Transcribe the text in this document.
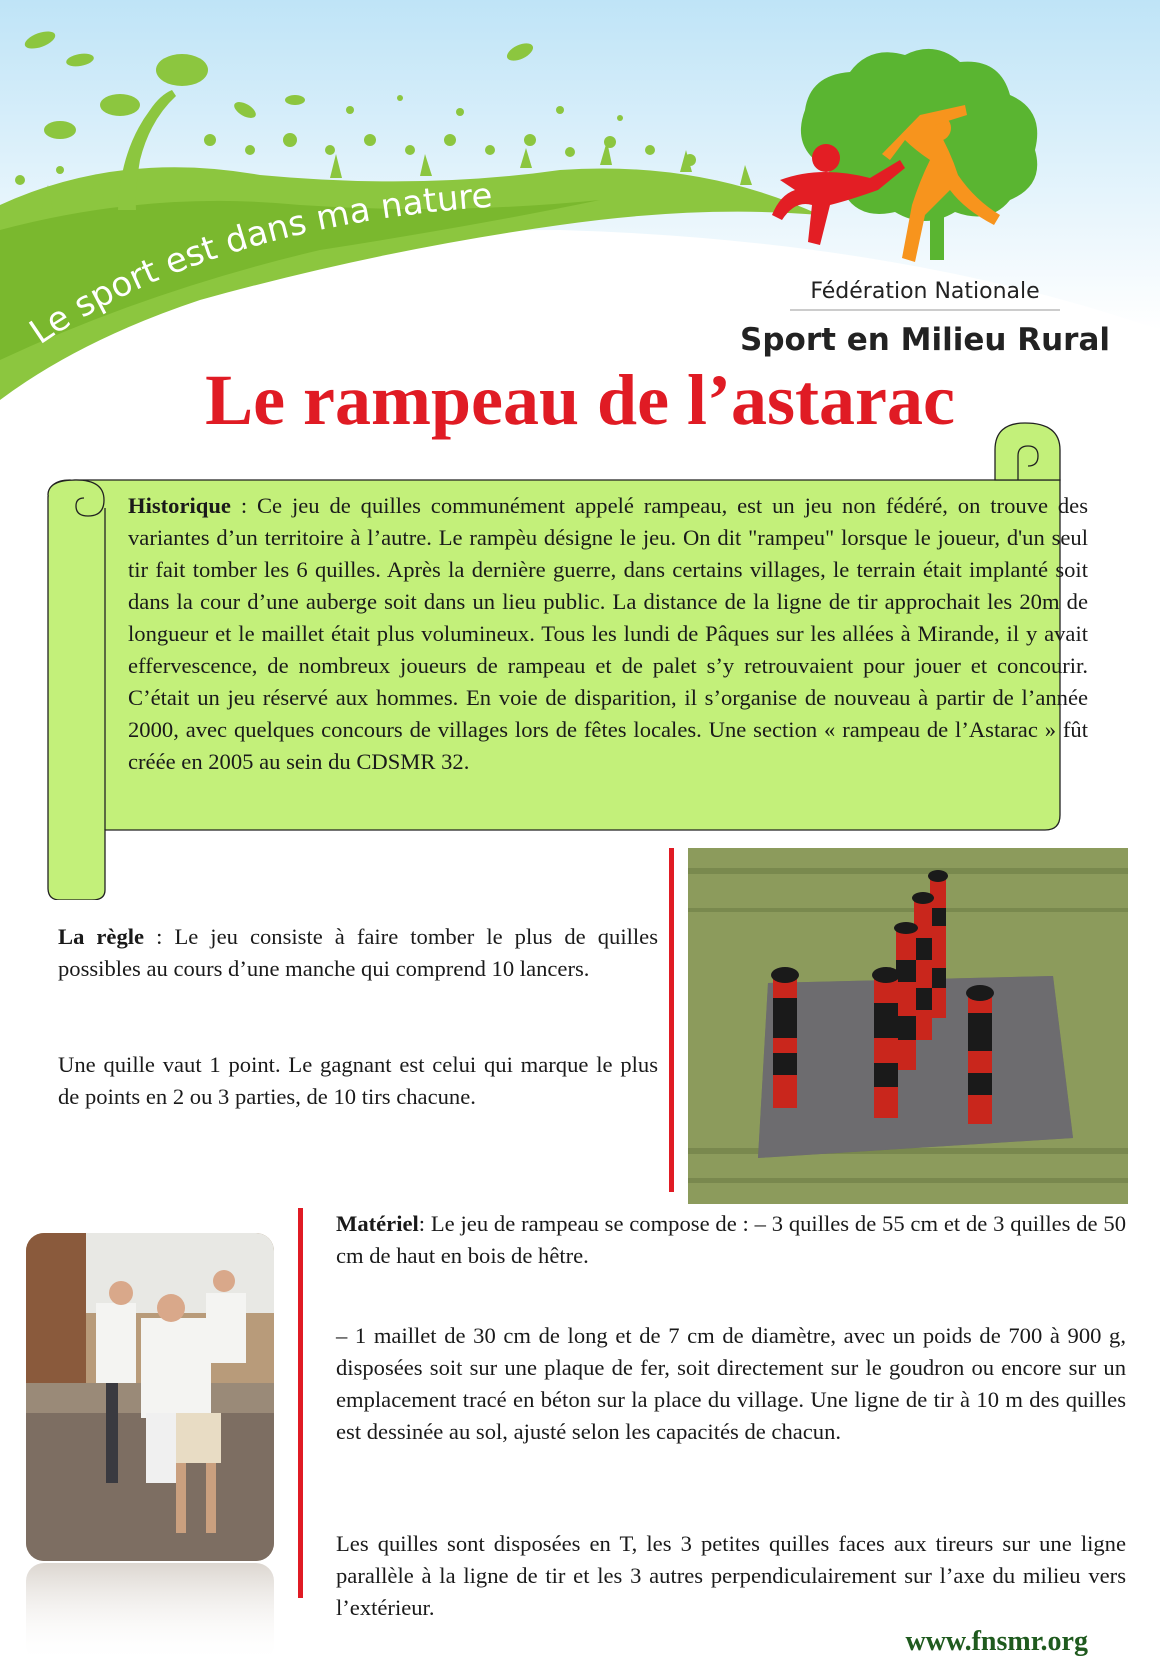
Le sport est dans ma nature
Fédération Nationale
Sport en Milieu Rural
Le rampeau de l’astarac

Historique : Ce jeu de quilles communément appelé rampeau, est un jeu non fédéré, on trouve des variantes d’un territoire à l’autre. Le rampèu désigne le jeu. On dit "rampeu" lorsque le joueur, d'un seul tir fait tomber les 6 quilles. Après la dernière guerre, dans certains villages, le terrain était implanté soit dans la cour d’une auberge soit dans un lieu public. La distance de la ligne de tir approchait les 20m de longueur et le maillet était plus volumineux. Tous les lundi de Pâques sur les allées à Mirande, il y avait effervescence, de nombreux joueurs de rampeau et de palet s’y retrouvaient pour jouer et concourir. C’était un jeu réservé aux hommes. En voie de disparition, il s’organise de nouveau à partir de l’année 2000, avec quelques concours de villages lors de fêtes locales. Une section « rampeau de l’Astarac » fût créée en 2005 au sein du CDSMR 32.

La règle : Le jeu consiste à faire tomber le plus de quilles possibles au cours d’une manche qui comprend 10 lancers.

Une quille vaut 1 point. Le gagnant est celui qui marque le plus de points en 2 ou 3 parties, de 10 tirs chacune.

Matériel: Le jeu de rampeau se compose de : – 3 quilles de 55 cm et de 3 quilles de 50 cm de haut en bois de hêtre.

– 1 maillet de 30 cm de long et de 7 cm de diamètre, avec un poids de 700 à 900 g, disposées soit sur une plaque de fer, soit directement sur le goudron ou encore sur un emplacement tracé en béton sur la place du village. Une ligne de tir à 10 m des quilles est dessinée au sol, ajusté selon les capacités de chacun.

Les quilles sont disposées en T, les 3 petites quilles faces aux tireurs sur une ligne parallèle à la ligne de tir et les 3 autres perpendiculairement sur l’axe du milieu vers l’extérieur.

www.fnsmr.org
